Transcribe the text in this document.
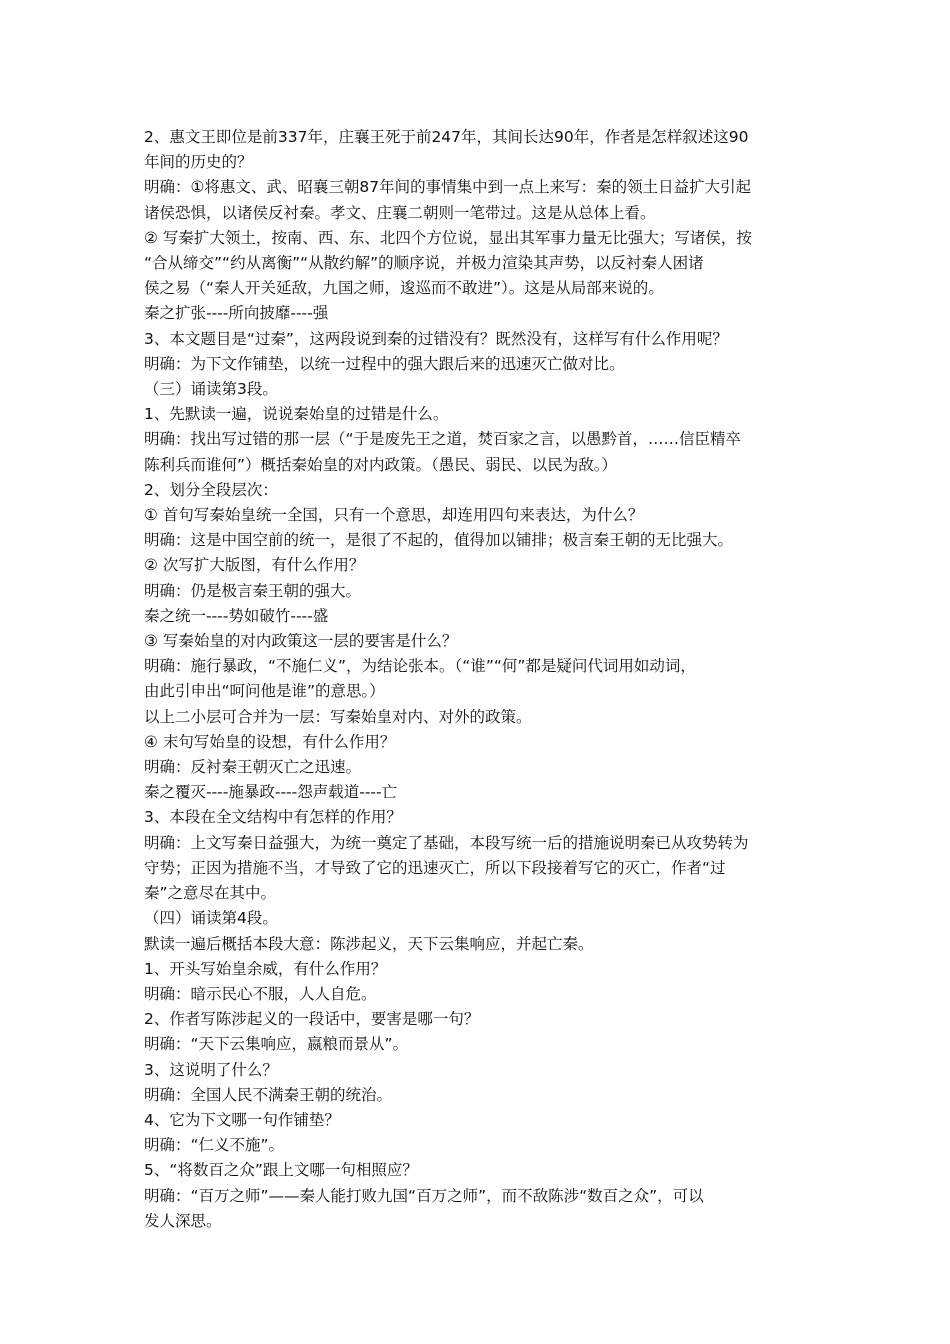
2、惠文王即位是前337年，庄襄王死于前247年，其间长达90年，作者是怎样叙述这90
年间的历史的？
明确：①将惠文、武、昭襄三朝87年间的事情集中到一点上来写：秦的领土日益扩大引起
诸侯恐惧，以诸侯反衬秦。孝文、庄襄二朝则一笔带过。这是从总体上看。
② 写秦扩大领土，按南、西、东、北四个方位说，显出其军事力量无比强大；写诸侯，按
“合从缔交”“约从离衡”“从散约解”的顺序说，并极力渲染其声势，以反衬秦人困诸
侯之易（“秦人开关延敌，九国之师，逡巡而不敢进”）。这是从局部来说的。
秦之扩张----所向披靡----强
3、本文题目是“过秦”，这两段说到秦的过错没有？既然没有，这样写有什么作用呢？
明确：为下文作铺垫，以统一过程中的强大跟后来的迅速灭亡做对比。
（三）诵读第3段。
1、先默读一遍，说说秦始皇的过错是什么。
明确：找出写过错的那一层（“于是废先王之道，焚百家之言，以愚黔首，……信臣精卒
陈利兵而谁何”）概括秦始皇的对内政策。（愚民、弱民、以民为敌。）
2、划分全段层次：
① 首句写秦始皇统一全国，只有一个意思，却连用四句来表达，为什么？
明确：这是中国空前的统一，是很了不起的，值得加以铺排；极言秦王朝的无比强大。
② 次写扩大版图，有什么作用？
明确：仍是极言秦王朝的强大。
秦之统一----势如破竹----盛
③ 写秦始皇的对内政策这一层的要害是什么？
明确：施行暴政，“不施仁义”，为结论张本。（“谁”“何”都是疑问代词用如动词，
由此引申出“呵问他是谁”的意思。）
以上二小层可合并为一层：写秦始皇对内、对外的政策。
④ 末句写始皇的设想，有什么作用？
明确：反衬秦王朝灭亡之迅速。
秦之覆灭----施暴政----怨声载道----亡
3、本段在全文结构中有怎样的作用？
明确：上文写秦日益强大，为统一奠定了基础，本段写统一后的措施说明秦已从攻势转为
守势；正因为措施不当，才导致了它的迅速灭亡，所以下段接着写它的灭亡，作者“过
秦”之意尽在其中。
（四）诵读第4段。
默读一遍后概括本段大意：陈涉起义，天下云集响应，并起亡秦。
1、开头写始皇余威，有什么作用？
明确：暗示民心不服，人人自危。
2、作者写陈涉起义的一段话中，要害是哪一句？
明确：“天下云集响应，嬴粮而景从”。
3、这说明了什么？
明确：全国人民不满秦王朝的统治。
4、它为下文哪一句作铺垫？
明确：“仁义不施”。
5、“将数百之众”跟上文哪一句相照应？
明确：“百万之师”——秦人能打败九国“百万之师”，而不敌陈涉“数百之众”，可以
发人深思。
